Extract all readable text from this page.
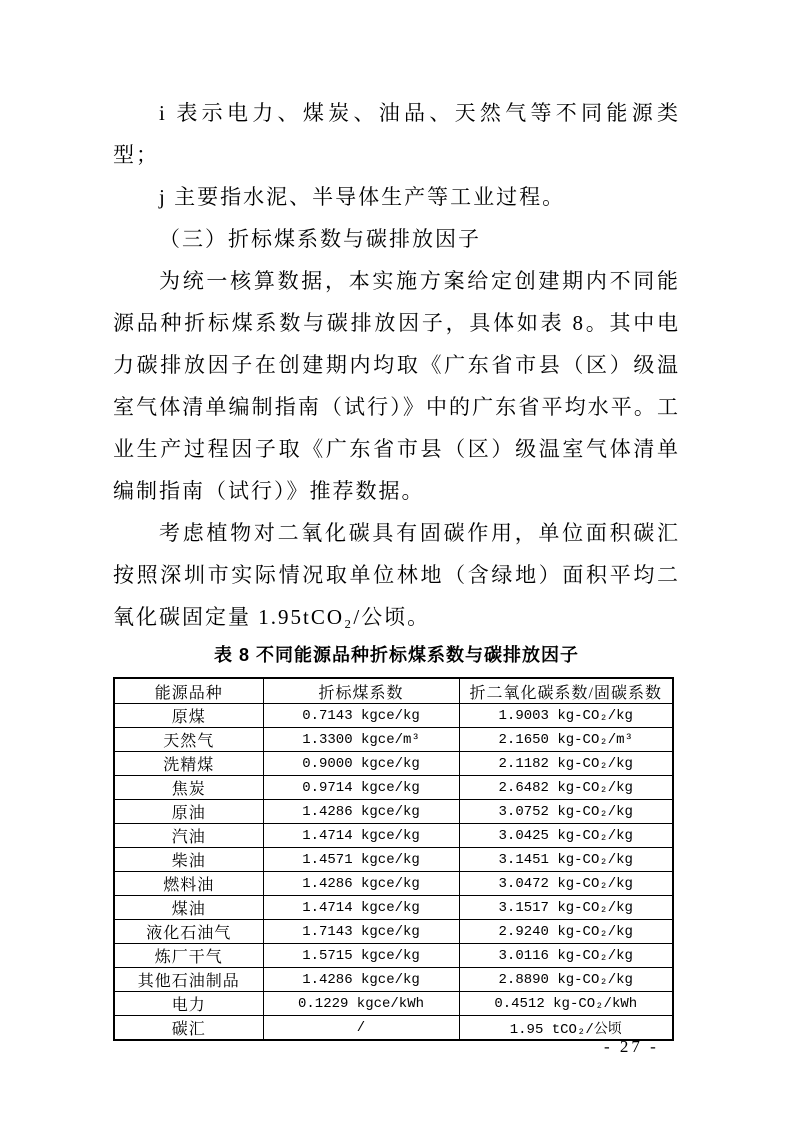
i 表示电力、煤炭、油品、天然气等不同能源类型；

j 主要指水泥、半导体生产等工业过程。

（三）折标煤系数与碳排放因子

为统一核算数据，本实施方案给定创建期内不同能源品种折标煤系数与碳排放因子，具体如表 8。其中电力碳排放因子在创建期内均取《广东省市县（区）级温室气体清单编制指南（试行）》中的广东省平均水平。工业生产过程因子取《广东省市县（区）级温室气体清单编制指南（试行）》推荐数据。

考虑植物对二氧化碳具有固碳作用，单位面积碳汇按照深圳市实际情况取单位林地（含绿地）面积平均二氧化碳固定量 1.95tCO₂/公顷。

表 8 不同能源品种折标煤系数与碳排放因子

能源品种	折标煤系数	折二氧化碳系数/固碳系数
原煤	0.7143 kgce/kg	1.9003 kg-CO₂/kg
天然气	1.3300 kgce/m³	2.1650 kg-CO₂/m³
洗精煤	0.9000 kgce/kg	2.1182 kg-CO₂/kg
焦炭	0.9714 kgce/kg	2.6482 kg-CO₂/kg
原油	1.4286 kgce/kg	3.0752 kg-CO₂/kg
汽油	1.4714 kgce/kg	3.0425 kg-CO₂/kg
柴油	1.4571 kgce/kg	3.1451 kg-CO₂/kg
燃料油	1.4286 kgce/kg	3.0472 kg-CO₂/kg
煤油	1.4714 kgce/kg	3.1517 kg-CO₂/kg
液化石油气	1.7143 kgce/kg	2.9240 kg-CO₂/kg
炼厂干气	1.5715 kgce/kg	3.0116 kg-CO₂/kg
其他石油制品	1.4286 kgce/kg	2.8890 kg-CO₂/kg
电力	0.1229 kgce/kWh	0.4512 kg-CO₂/kWh
碳汇	/	1.95 tCO₂/公顷
- 27 -
